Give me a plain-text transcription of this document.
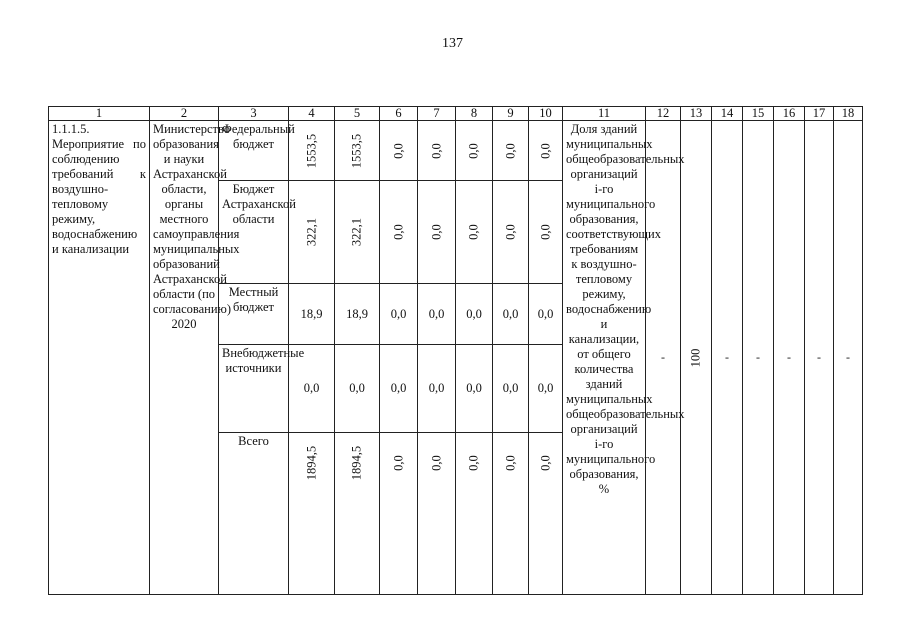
137
1	2	3	4	5	6	7	8	9	10	11	12	13	14	15	16	17	18

1.1.1.5. Мероприятие по соблюдению требований к воздушно-тепловому режиму, водоснабжению и канализации	Министерство образования и науки Астраханской области, органы местного самоуправления муниципальных образований Астраханской области (по согласованию) 2020	Федеральный бюджет	1553,5	1553,5	0,0	0,0	0,0	0,0	0,0	Доля зданий муниципальных общеобразовательных организаций i-го муниципального образования, соответствующих требованиям к воздушно-тепловому режиму, водоснабжению и канализации, от общего количества зданий муниципальных общеобразовательных организаций i-го муниципального образования, %	-	100	-	-	-	-	-

		Бюджет Астраханской области	322,1	322,1	0,0	0,0	0,0	0,0	0,0								

		Местный бюджет	18,9	18,9	0,0	0,0	0,0	0,0	0,0								

		Внебюджетные источники	0,0	0,0	0,0	0,0	0,0	0,0	0,0								

		Всего	1894,5	1894,5	0,0	0,0	0,0	0,0	0,0								
